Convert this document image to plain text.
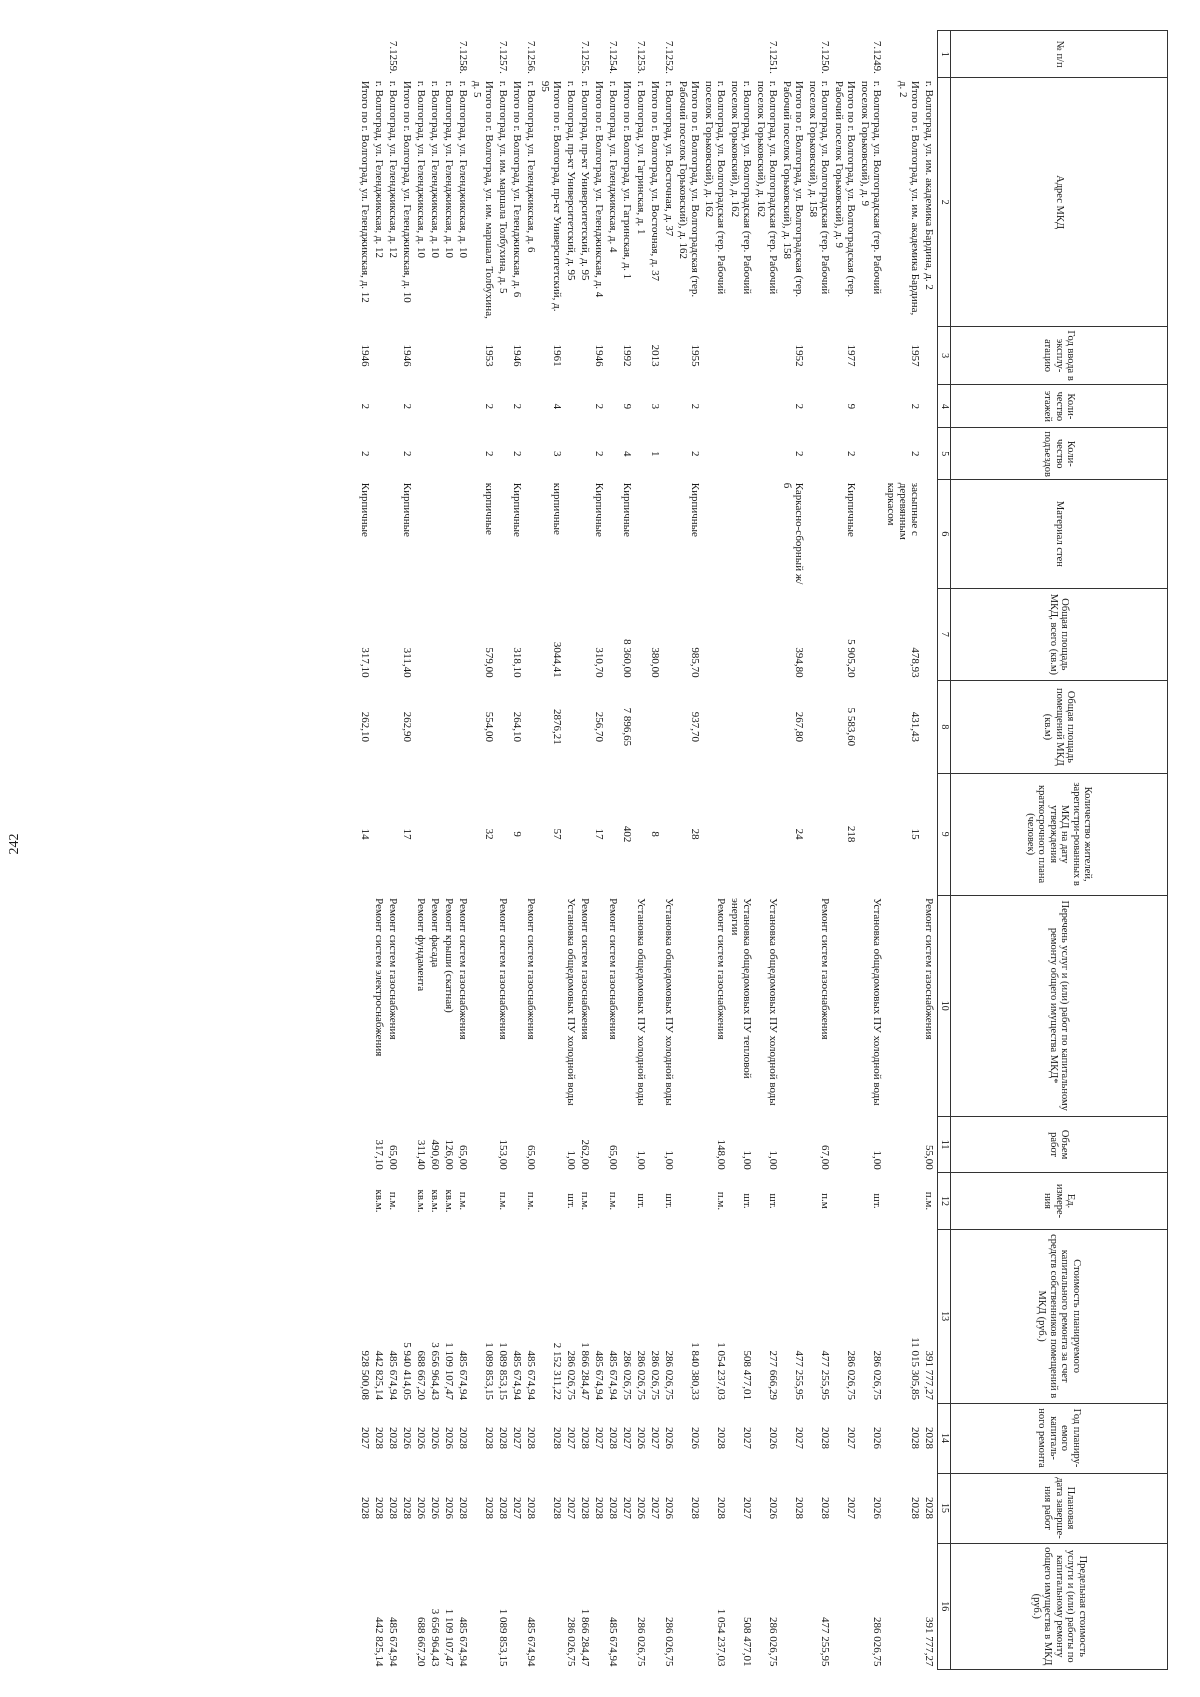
242
№ п/п	Адрес МКД	Год ввода в эксплу-атацию	Коли-чество этажей	Коли-чество подъездов	Материал стен	Общая площадь МКД, всего (кв.м)	Общая площадь помещений МКД (кв.м)	Количество жителей, зарегистри-рованных в МКД на дату утверждения краткосрочного плана (человек)	Перечень услуг и (или) работ по капитальному ремонту общего имущества МКД*	Объем работ	Ед. измере-ния	Стоимость планируемого капитального ремонта за счет средств собственников помещений в МКД (руб.)	Год планиру-емого капиталь-ного ремонта	Плановая дата заверше-ния работ	Предельная стоимость услуги и (или) работы по капитальному ремонту общего имущества в МКД (руб.)
1	2	3	4	5	6	7	8	9	10	11	12	13	14	15	16
	г. Волгоград, ул. им. академика Бардина, д. 2								Ремонт систем газоснабжения	55,00	п.м.	391 777,27	2028	2028	391 777,27
	Итого по г. Волгоград, ул. им. академика Бардина, д. 2	1957	2	2	засыпные с деревянным каркасом	478,93	431,43	15				11 015 305,85	2028	2028	
7.1249.	г. Волгоград, ул. Волгоградская (тер. Рабочий поселок Горьковский), д. 9								Установка общедомовых ПУ холодной воды	1,00	шт.	286 026,75	2026	2026	286 026,75
	Итого по г. Волгоград, ул. Волгоградская (тер. Рабочий поселок Горьковский), д. 9	1977	9	2	Кирпичные	5 905,20	5 583,60	218				286 026,75	2027	2027	
7.1250.	г. Волгоград, ул. Волгоградская (тер. Рабочий поселок Горьковский), д. 158								Ремонт систем газоснабжения	67,00	п.м	477 255,95	2028	2028	477 255,95
	Итого по г. Волгоград, ул. Волгоградская (тер. Рабочий поселок Горьковский), д. 158	1952	2	2	Каркасно-сборный ж/б	394,80	267,80	24				477 255,95	2027	2028	
7.1251.	г. Волгоград, ул. Волгоградская (тер. Рабочий поселок Горьковский), д. 162								Установка общедомовых ПУ холодной воды	1,00	шт.	277 666,29	2026	2026	286 026,75
	г. Волгоград, ул. Волгоградская (тер. Рабочий поселок Горьковский), д. 162								Установка общедомовых ПУ тепловой энергии	1,00	шт.	508 477,01	2027	2027	508 477,01
	г. Волгоград, ул. Волгоградская (тер. Рабочий поселок Горьковский), д. 162								Ремонт систем газоснабжения	148,00	п.м.	1 054 237,03	2028	2028	1 054 237,03
	Итого по г. Волгоград, ул. Волгоградская (тер. Рабочий поселок Горьковский), д. 162	1955	2	2	Кирпичные	985,70	937,70	28				1 840 380,33	2026	2028	
7.1252.	г. Волгоград, ул. Восточная, д. 37								Установка общедомовых ПУ холодной воды	1,00	шт.	286 026,75	2026	2026	286 026,75
	Итого по г. Волгоград, ул. Восточная, д. 37	2013	3	1		380,00		8				286 026,75	2027	2027	
7.1253.	г. Волгоград, ул. Гагринская, д. 1								Установка общедомовых ПУ холодной воды	1,00	шт.	286 026,75	2026	2026	286 026,75
	Итого по г. Волгоград, ул. Гагринская, д. 1	1992	9	4	Кирпичные	8 360,00	7 896,65	402				286 026,75	2027	2027	
7.1254.	г. Волгоград, ул. Геленджикская, д. 4								Ремонт систем газоснабжения	65,00	п.м.	485 674,94	2028	2028	485 674,94
	Итого по г. Волгоград, ул. Геленджикская, д. 4	1946	2	2	Кирпичные	310,70	256,70	17				485 674,94	2027	2028	
7.1255.	г. Волгоград, пр-кт Университетский, д. 95								Ремонт систем газоснабжения	262,00	п.м.	1 866 284,47	2028	2028	1 866 284,47
	г. Волгоград, пр-кт Университетский, д. 95								Установка общедомовых ПУ холодной воды	1,00	шт.	286 026,75	2027	2027	286 026,75
	Итого по г. Волгоград, пр-кт Университетский, д. 95	1961	4	3	кирпичные	3044,41	2876,21	57				2 152 311,22	2028	2028	
7.1256.	г. Волгоград, ул. Геленджикская, д. 6								Ремонт систем газоснабжения	65,00	п.м.	485 674,94	2028	2028	485 674,94
	Итого по г. Волгоград, ул. Геленджикская, д. 6	1946	2	2	Кирпичные	318,10	264,10	9				485 674,94	2027	2027	
7.1257.	г. Волгоград, ул. им. маршала Толбухина, д. 5								Ремонт систем газоснабжения	153,00	п.м.	1 089 853,15	2028	2028	1 089 853,15
	Итого по г. Волгоград, ул. им. маршала Толбухина, д. 5	1953	2	2	кирпичные	579,00	554,00	32				1 089 853,15	2028	2028	
7.1258.	г. Волгоград, ул. Геленджикская, д. 10								Ремонт систем газоснабжения	65,00	п.м.	485 674,94	2028	2028	485 674,94
	г. Волгоград, ул. Геленджикская, д. 10								Ремонт крыши (скатная)	126,00	кв.м.	1 109 107,47	2026	2026	1 109 107,47
	г. Волгоград, ул. Геленджикская, д. 10								Ремонт фасада	490,60	кв.м.	3 656 964,43	2026	2026	3 656 964,43
	г. Волгоград, ул. Геленджикская, д. 10								Ремонт фундамента	311,40	кв.м.	688 667,20	2026	2026	688 667,20
	Итого по г. Волгоград, ул. Геленджикская, д. 10	1946	2	2	Кирпичные	311,40	262,90	17				5 940 414,05	2026	2028	
7.1259.	г. Волгоград, ул. Геленджикская, д. 12								Ремонт систем газоснабжения	65,00	п.м.	485 674,94	2028	2028	485 674,94
	г. Волгоград, ул. Геленджикская, д. 12								Ремонт систем электроснабжения	317,10	кв.м.	442 825,14	2028	2028	442 825,14
	Итого по г. Волгоград, ул. Геленджикская, д. 12	1946	2	2	Кирпичные	317,10	262,10	14				928 500,08	2027	2028	
